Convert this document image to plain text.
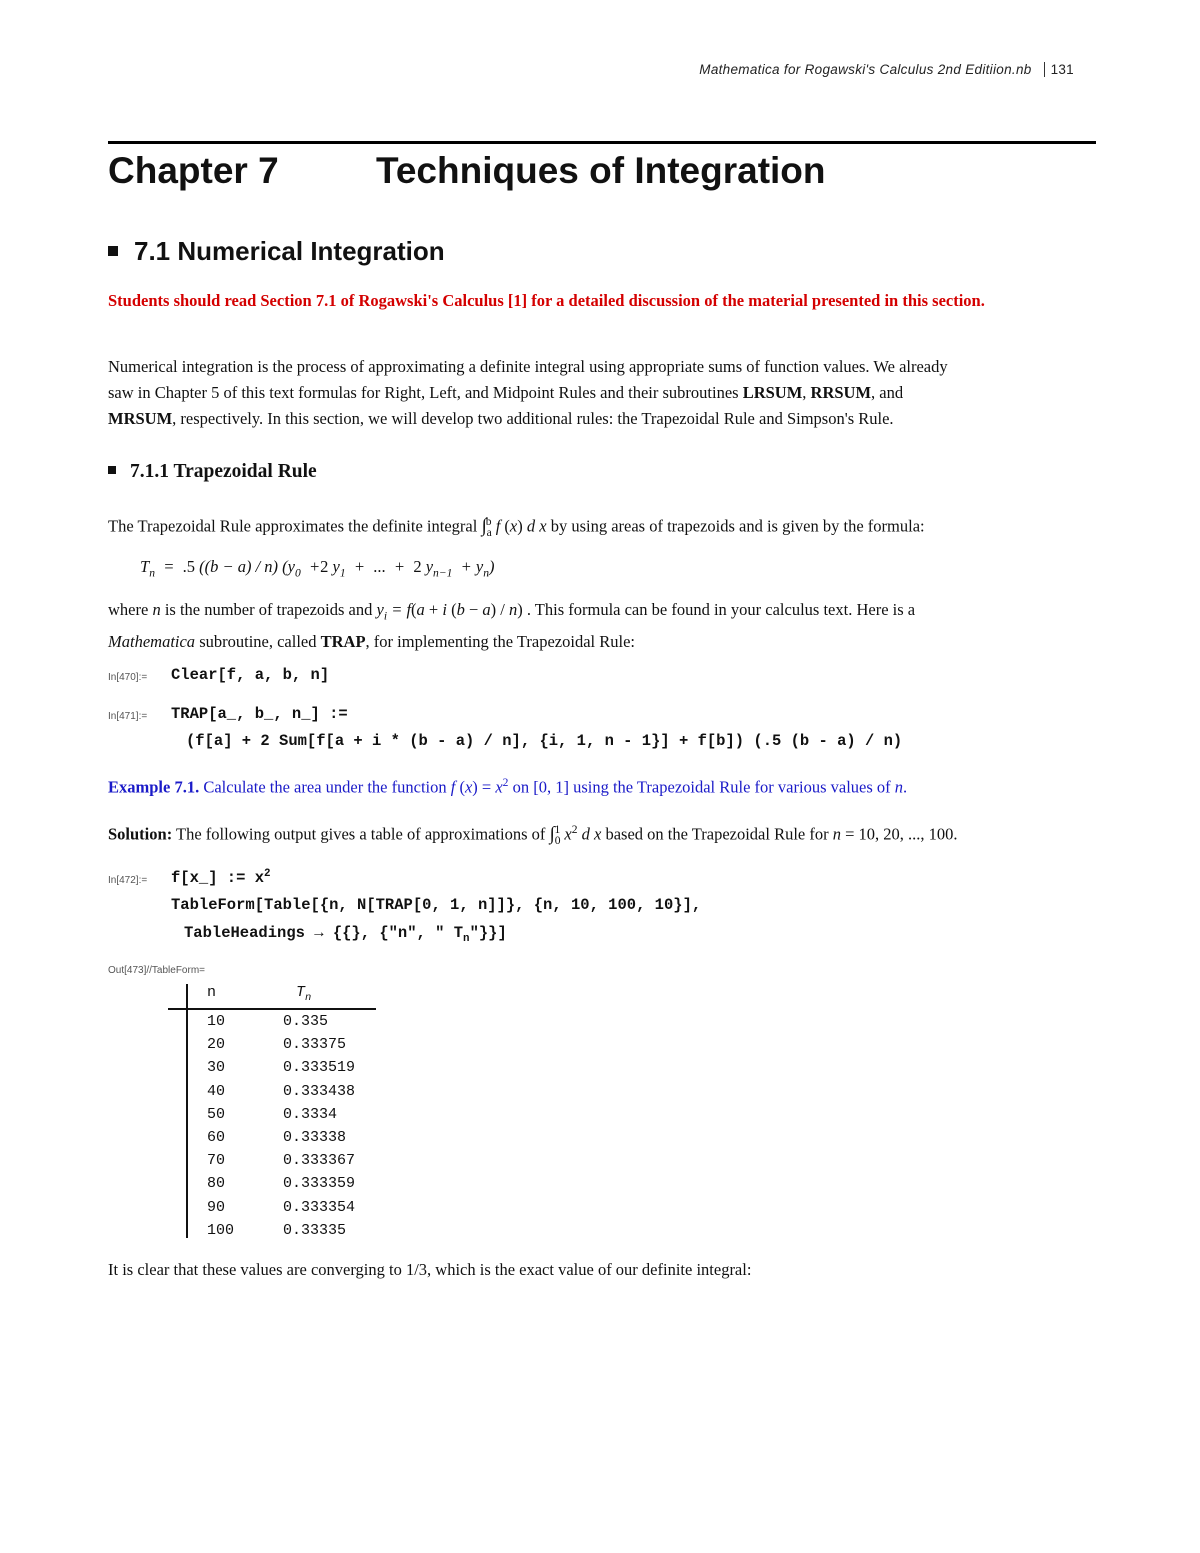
Mathematica for Rogawski's Calculus 2nd Editiion.nb 131
Chapter 7	Techniques of Integration
7.1 Numerical Integration
Students should read Section 7.1 of Rogawski's Calculus [1] for a detailed discussion of the material presented in this section.
Numerical integration is the process of approximating a definite integral using appropriate sums of function values. We already
saw in Chapter 5 of this text formulas for Right, Left, and Midpoint Rules and their subroutines LRSUM, RRSUM, and
MRSUM, respectively. In this section, we will develop two additional rules: the Trapezoidal Rule and Simpson's Rule.
7.1.1 Trapezoidal Rule
The Trapezoidal Rule approximates the definite integral $\int_a^b$ f (x) d x by using areas of trapezoids and is given by the formula:
$T_n = .5$ ((b − a) / n) ($y_0 +2$ $y_1$  +  ...  +  2 $y_{n-1} + y_n$)
where n is the number of trapezoids and $y_i = f(a + i$ (b − a) / n) . This formula can be found in your calculus text. Here is a
Mathematica subroutine, called TRAP, for implementing the Trapezoidal Rule:
In[470]:= Clear[f, a, b, n]
In[471]:= TRAP[a_, b_, n_] :=
(f[a] + 2 Sum[f[a + i * (b - a) / n], {i, 1, n - 1}] + f[b]) (.5 (b - a) / n)
Example 7.1. Calculate the area under the function f $(x) = x^2$ on [0, 1] using the Trapezoidal Rule for various values of n.
Solution: The following output gives a table of approximations of $\int_0^1$ $x^2$ d x based on the Trapezoidal Rule for n = 10, 20, ..., 100.
In[472]:= f[x_] := $x^2$
TableForm[Table[{n, N[TRAP[0, 1, n]]}, {n, 10, 100, 10}],
TableHeadings → {{}, {"n", " $T_n$"}}]
Out[473]//TableForm=
n	$T_n$
10	0.335
20	0.33375
30	0.333519
40	0.333438
50	0.3334
60	0.33338
70	0.333367
80	0.333359
90	0.333354
100	0.33335
It is clear that these values are converging to 1/3, which is the exact value of our definite integral:
